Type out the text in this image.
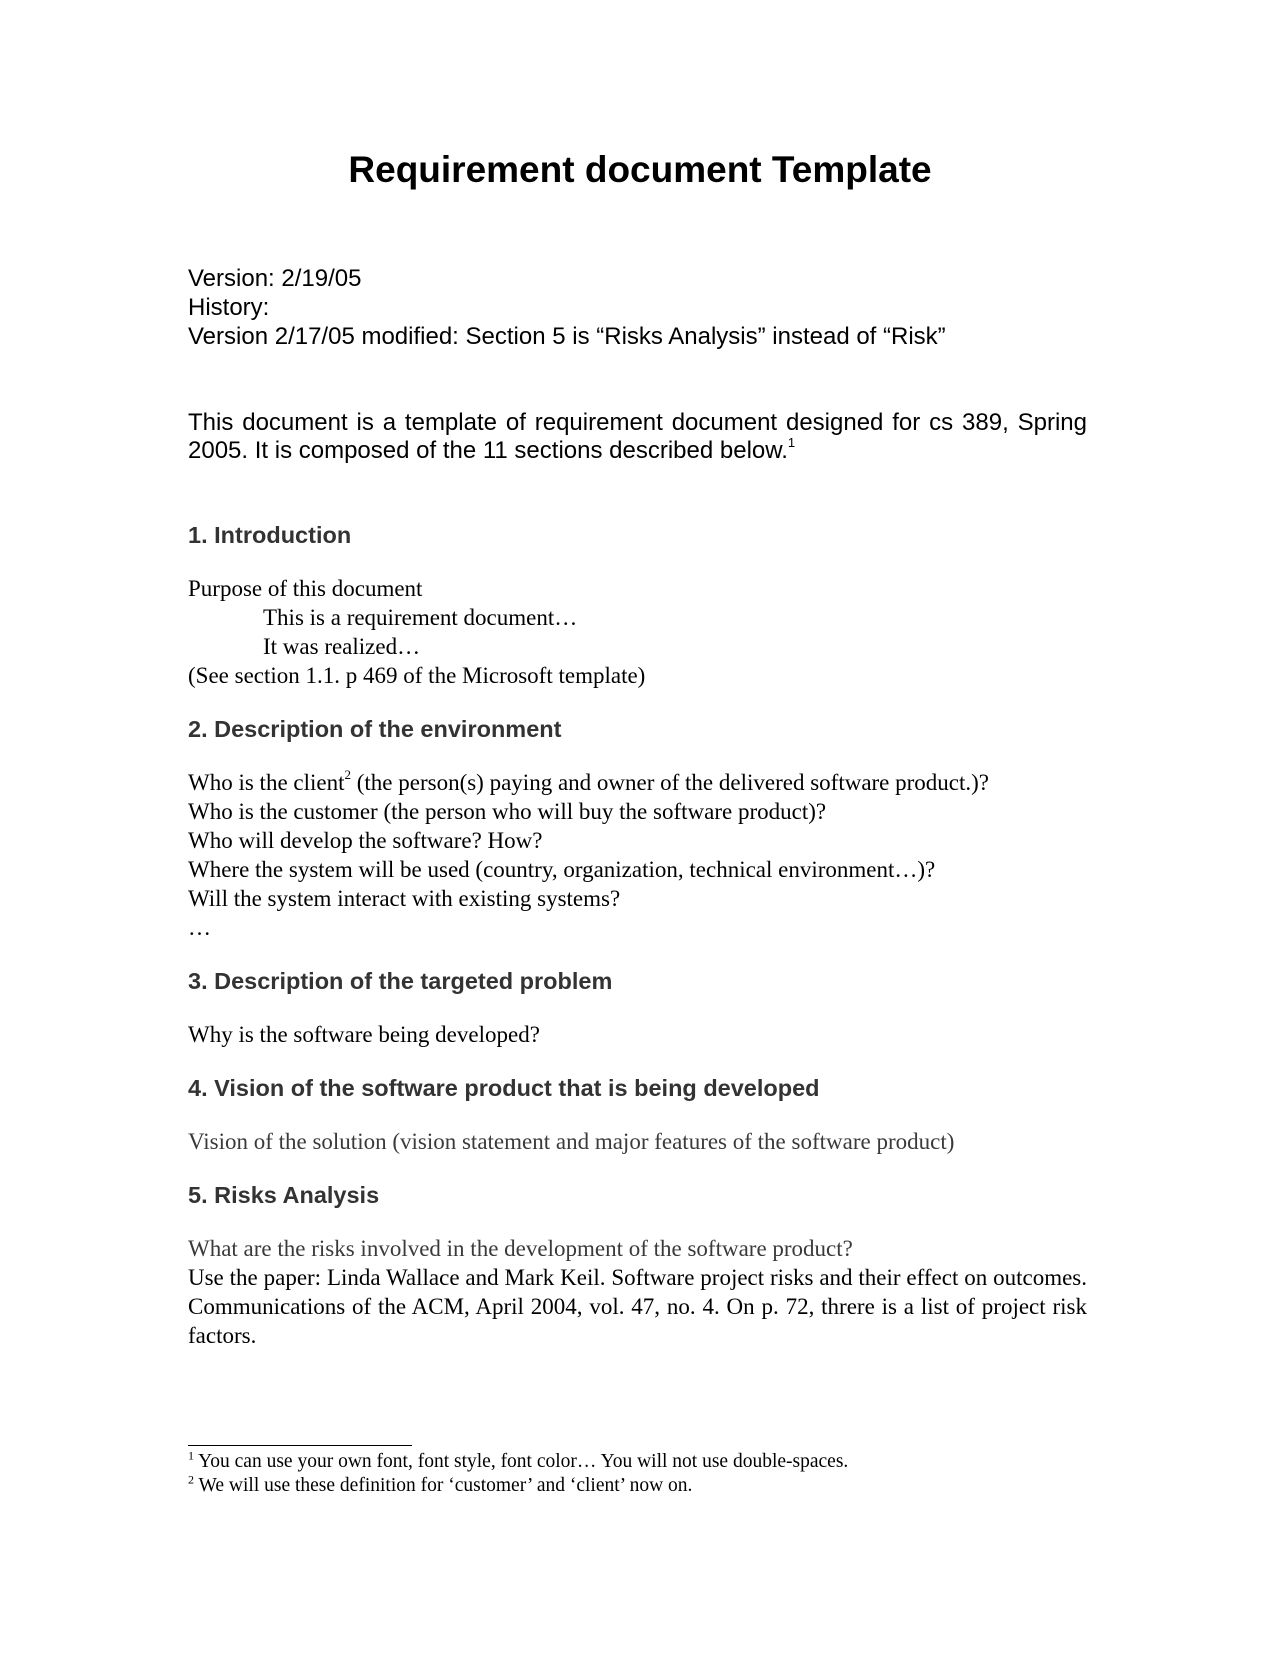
Requirement document Template
Version: 2/19/05
History:
Version 2/17/05 modified: Section 5 is “Risks Analysis” instead of “Risk”

This document is a template of requirement document designed for cs 389, Spring 2005. It is composed of the 11 sections described below.$^1$

1. Introduction
Purpose of this document
This is a requirement document…
It was realized…
(See section 1.1. p 469 of the Microsoft template)
2. Description of the environment
Who is the client$^2$ (the person(s) paying and owner of the delivered software product.)?
Who is the customer (the person who will buy the software product)?
Who will develop the software? How?
Where the system will be used (country, organization, technical environment…)?
Will the system interact with existing systems?
…
3. Description of the targeted problem
Why is the software being developed?
4. Vision of the software product that is being developed
Vision of the solution (vision statement and major features of the software product)
5. Risks Analysis
What are the risks involved in the development of the software product?
Use the paper: Linda Wallace and Mark Keil. Software project risks and their effect on outcomes. Communications of the ACM, April 2004, vol. 47, no. 4. On p. 72, threre is a list of project risk factors.
$^1$ You can use your own font, font style, font color… You will not use double-spaces.
$^2$ We will use these definition for ‘customer’ and ‘client’ now on.
